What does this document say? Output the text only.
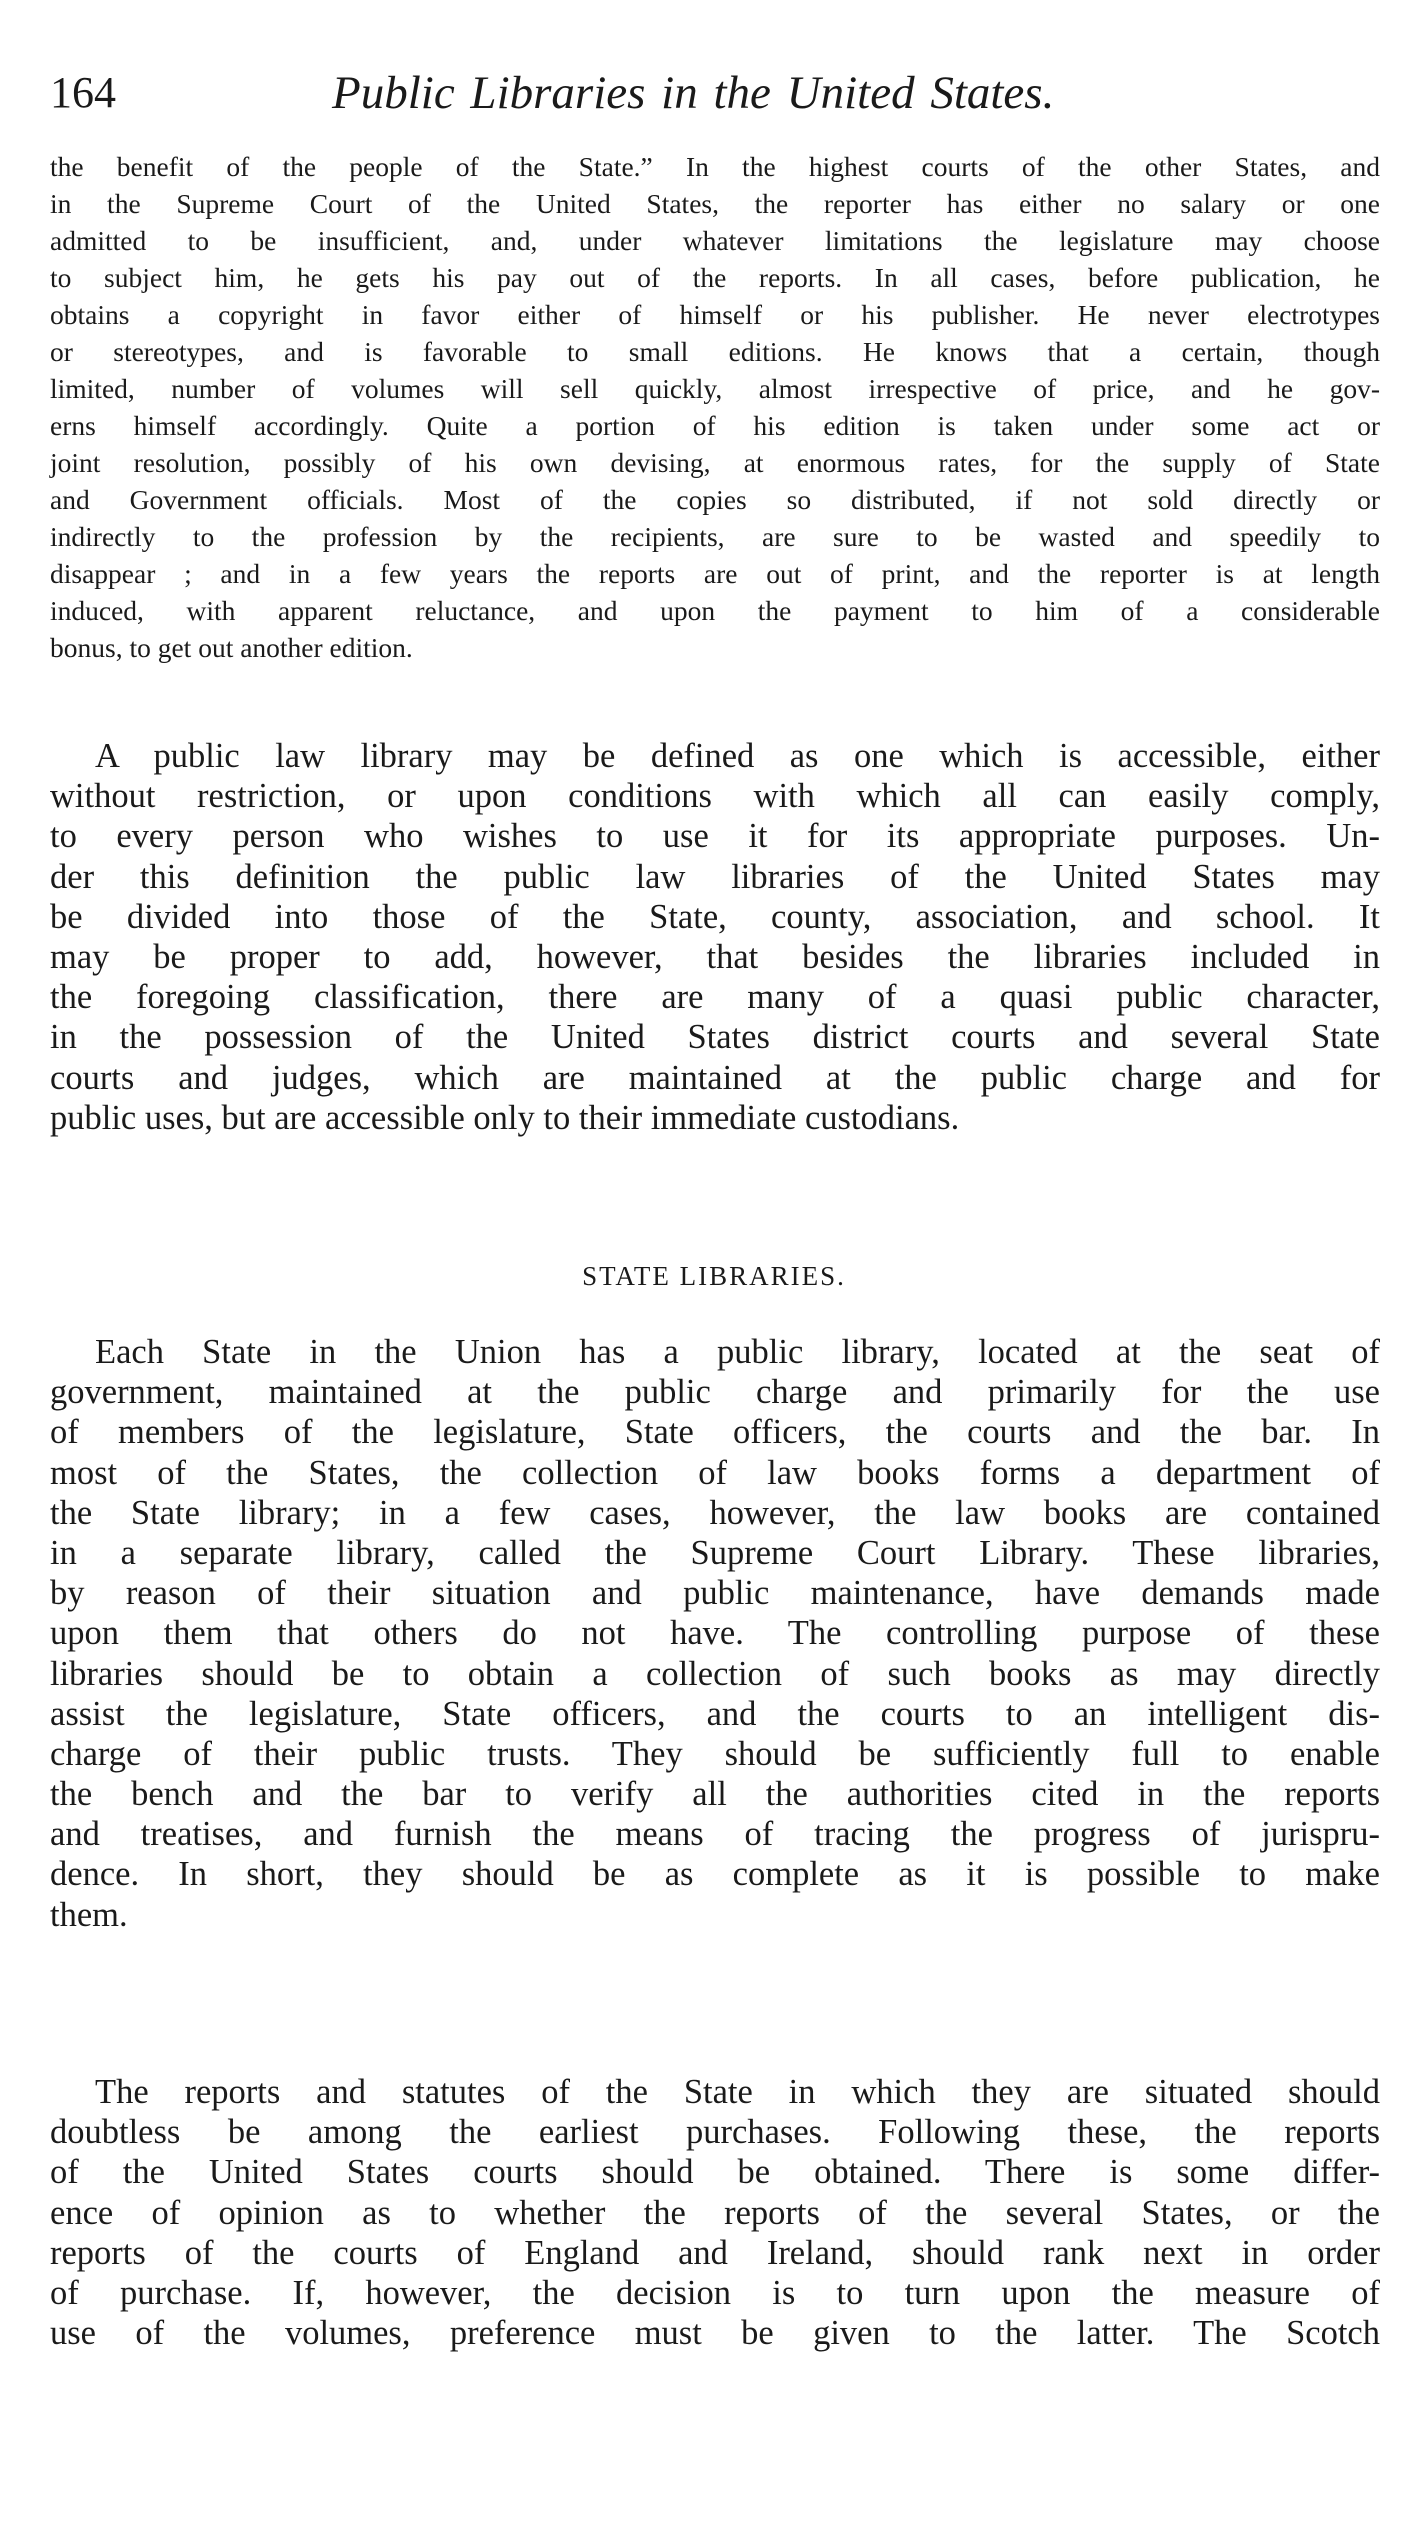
164	Public Libraries in the United States.
the benefit of the people of the State.” In the highest courts of the other States, and
in the Supreme Court of the United States, the reporter has either no salary or one
admitted to be insufficient, and, under whatever limitations the legislature may choose
to subject him, he gets his pay out of the reports. In all cases, before publication, he
obtains a copyright in favor either of himself or his publisher. He never electrotypes
or stereotypes, and is favorable to small editions. He knows that a certain, though
limited, number of volumes will sell quickly, almost irrespective of price, and he gov-
erns himself accordingly. Quite a portion of his edition is taken under some act or
joint resolution, possibly of his own devising, at enormous rates, for the supply of State
and Government officials. Most of the copies so distributed, if not sold directly or
indirectly to the profession by the recipients, are sure to be wasted and speedily to
disappear ; and in a few years the reports are out of print, and the reporter is at length
induced, with apparent reluctance, and upon the payment to him of a considerable
bonus, to get out another edition.
A public law library may be defined as one which is accessible, either
without restriction, or upon conditions with which all can easily comply,
to every person who wishes to use it for its appropriate purposes. Un-
der this definition the public law libraries of the United States may
be divided into those of the State, county, association, and school. It
may be proper to add, however, that besides the libraries included in
the foregoing classification, there are many of a quasi public character,
in the possession of the United States district courts and several State
courts and judges, which are maintained at the public charge and for
public uses, but are accessible only to their immediate custodians.
STATE LIBRARIES.
Each State in the Union has a public library, located at the seat of
government, maintained at the public charge and primarily for the use
of members of the legislature, State officers, the courts and the bar. In
most of the States, the collection of law books forms a department of
the State library; in a few cases, however, the law books are contained
in a separate library, called the Supreme Court Library. These libraries,
by reason of their situation and public maintenance, have demands made
upon them that others do not have. The controlling purpose of these
libraries should be to obtain a collection of such books as may directly
assist the legislature, State officers, and the courts to an intelligent dis-
charge of their public trusts. They should be sufficiently full to enable
the bench and the bar to verify all the authorities cited in the reports
and treatises, and furnish the means of tracing the progress of jurispru-
dence. In short, they should be as complete as it is possible to make
them.
The reports and statutes of the State in which they are situated should
doubtless be among the earliest purchases. Following these, the reports
of the United States courts should be obtained. There is some differ-
ence of opinion as to whether the reports of the several States, or the
reports of the courts of England and Ireland, should rank next in order
of purchase. If, however, the decision is to turn upon the measure of
use of the volumes, preference must be given to the latter. The Scotch
